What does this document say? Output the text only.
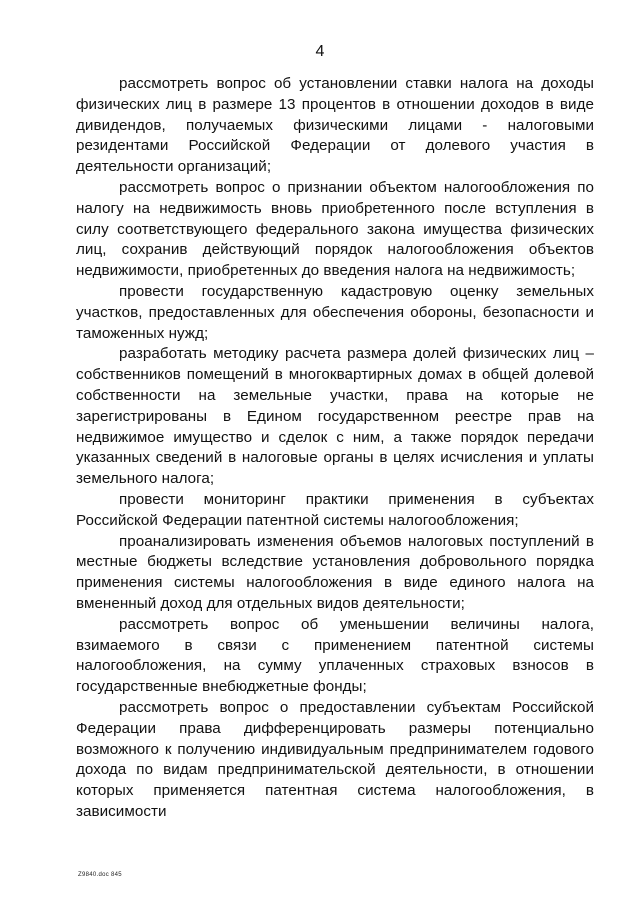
4

рассмотреть вопрос об установлении ставки налога на доходы физических лиц в размере 13 процентов в отношении доходов в виде дивидендов, получаемых физическими лицами - налоговыми резидентами Российской Федерации от долевого участия в деятельности организаций;

рассмотреть вопрос о признании объектом налогообложения по налогу на недвижимость вновь приобретенного после вступления в силу соответствующего федерального закона имущества физических лиц, сохранив действующий порядок налогообложения объектов недвижимости, приобретенных до введения налога на недвижимость;

провести государственную кадастровую оценку земельных участков, предоставленных для обеспечения обороны, безопасности и таможенных нужд;

разработать методику расчета размера долей физических лиц – собственников помещений в многоквартирных домах в общей долевой собственности на земельные участки, права на которые не зарегистрированы в Едином государственном реестре прав на недвижимое имущество и сделок с ним, а также порядок передачи указанных сведений в налоговые органы в целях исчисления и уплаты земельного налога;

провести мониторинг практики применения в субъектах Российской Федерации патентной системы налогообложения;

проанализировать изменения объемов налоговых поступлений в местные бюджеты вследствие установления добровольного порядка применения системы налогообложения в виде единого налога на вмененный доход для отдельных видов деятельности;

рассмотреть вопрос об уменьшении величины налога, взимаемого в связи с применением патентной системы налогообложения, на сумму уплаченных страховых взносов в государственные внебюджетные фонды;

рассмотреть вопрос о предоставлении субъектам Российской Федерации права дифференцировать размеры потенциально возможного к получению индивидуальным предпринимателем годового дохода по видам предпринимательской деятельности, в отношении которых применяется патентная система налогообложения, в зависимости

Z9840.doc 845
